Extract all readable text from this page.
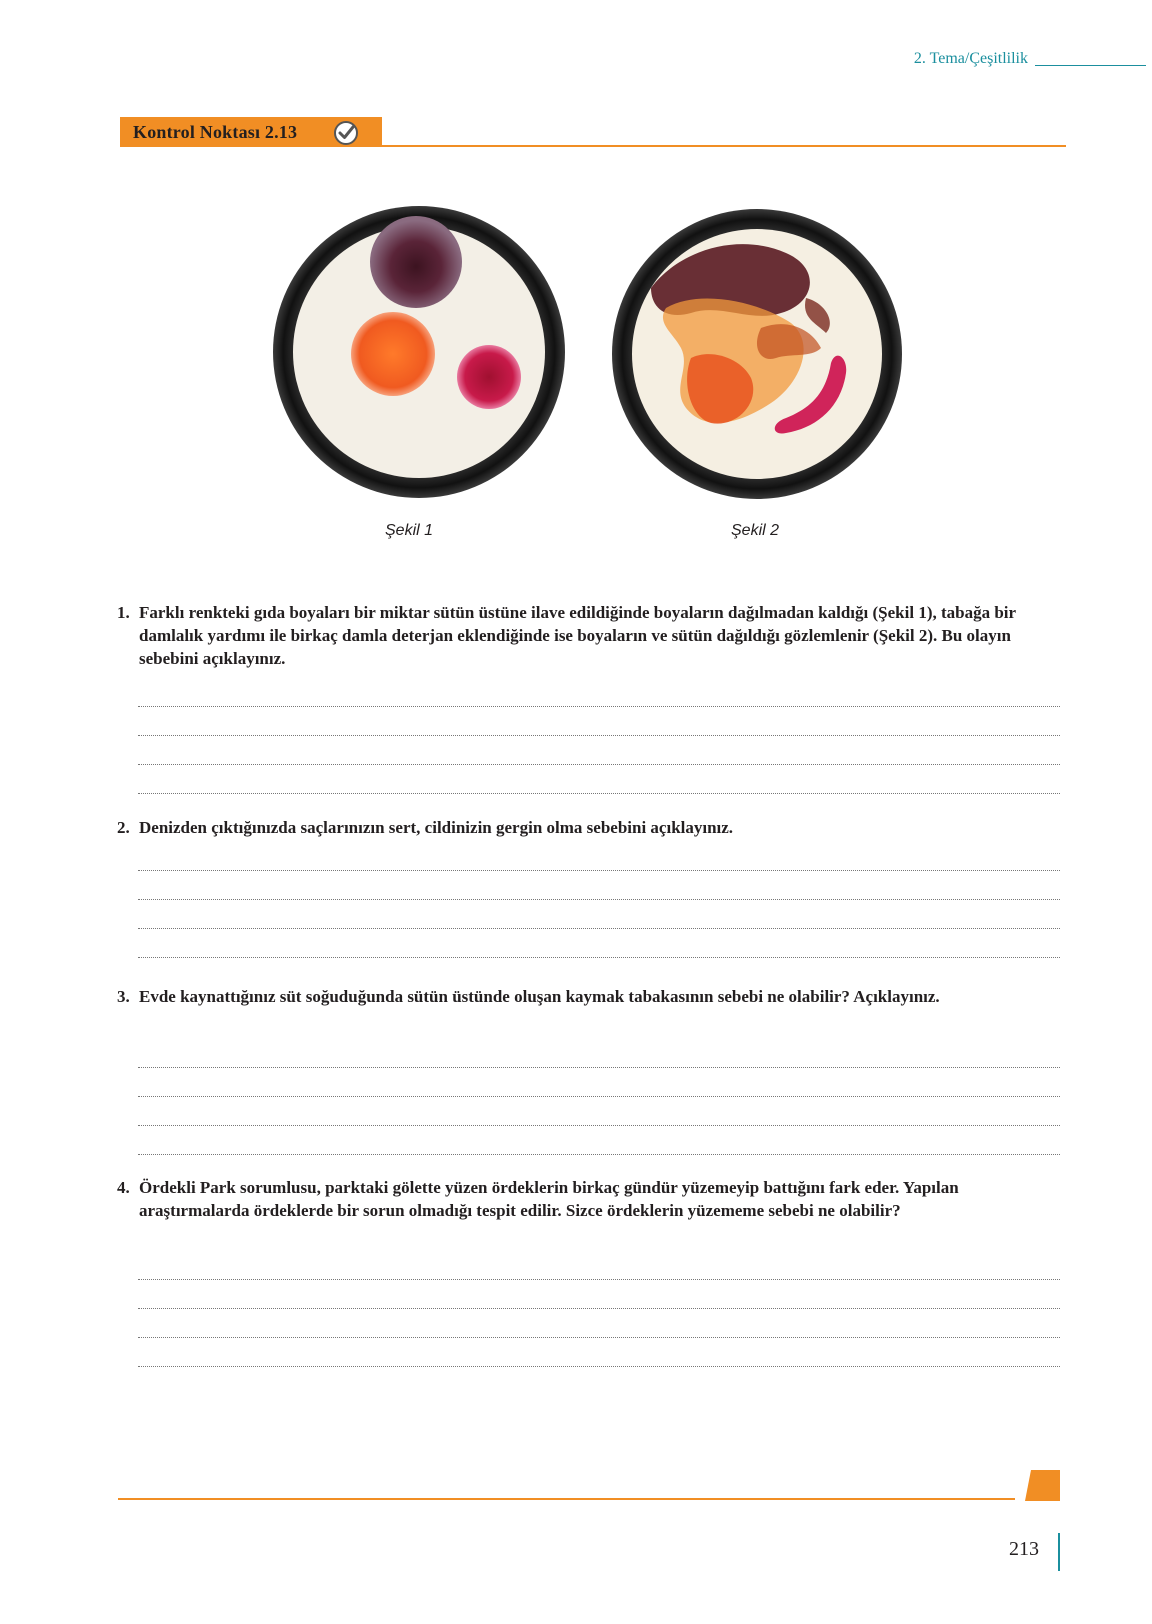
2. Tema/Çeşitlilik
Kontrol Noktası 2.13
Şekil 1	Şekil 2
1. Farklı renkteki gıda boyaları bir miktar sütün üstüne ilave edildiğinde boyaların dağılmadan kaldığı (Şekil 1), tabağa bir damlalık yardımı ile birkaç damla deterjan eklendiğinde ise boyaların ve sütün dağıldığı gözlemlenir (Şekil 2). Bu olayın sebebini açıklayınız.
2. Denizden çıktığınızda saçlarınızın sert, cildinizin gergin olma sebebini açıklayınız.
3. Evde kaynattığınız süt soğuduğunda sütün üstünde oluşan kaymak tabakasının sebebi ne olabilir? Açıklayınız.
4. Ördekli Park sorumlusu, parktaki gölette yüzen ördeklerin birkaç gündür yüzemeyip battığını fark eder. Yapılan araştırmalarda ördeklerde bir sorun olmadığı tespit edilir. Sizce ördeklerin yüzememe sebebi ne olabilir?
213
